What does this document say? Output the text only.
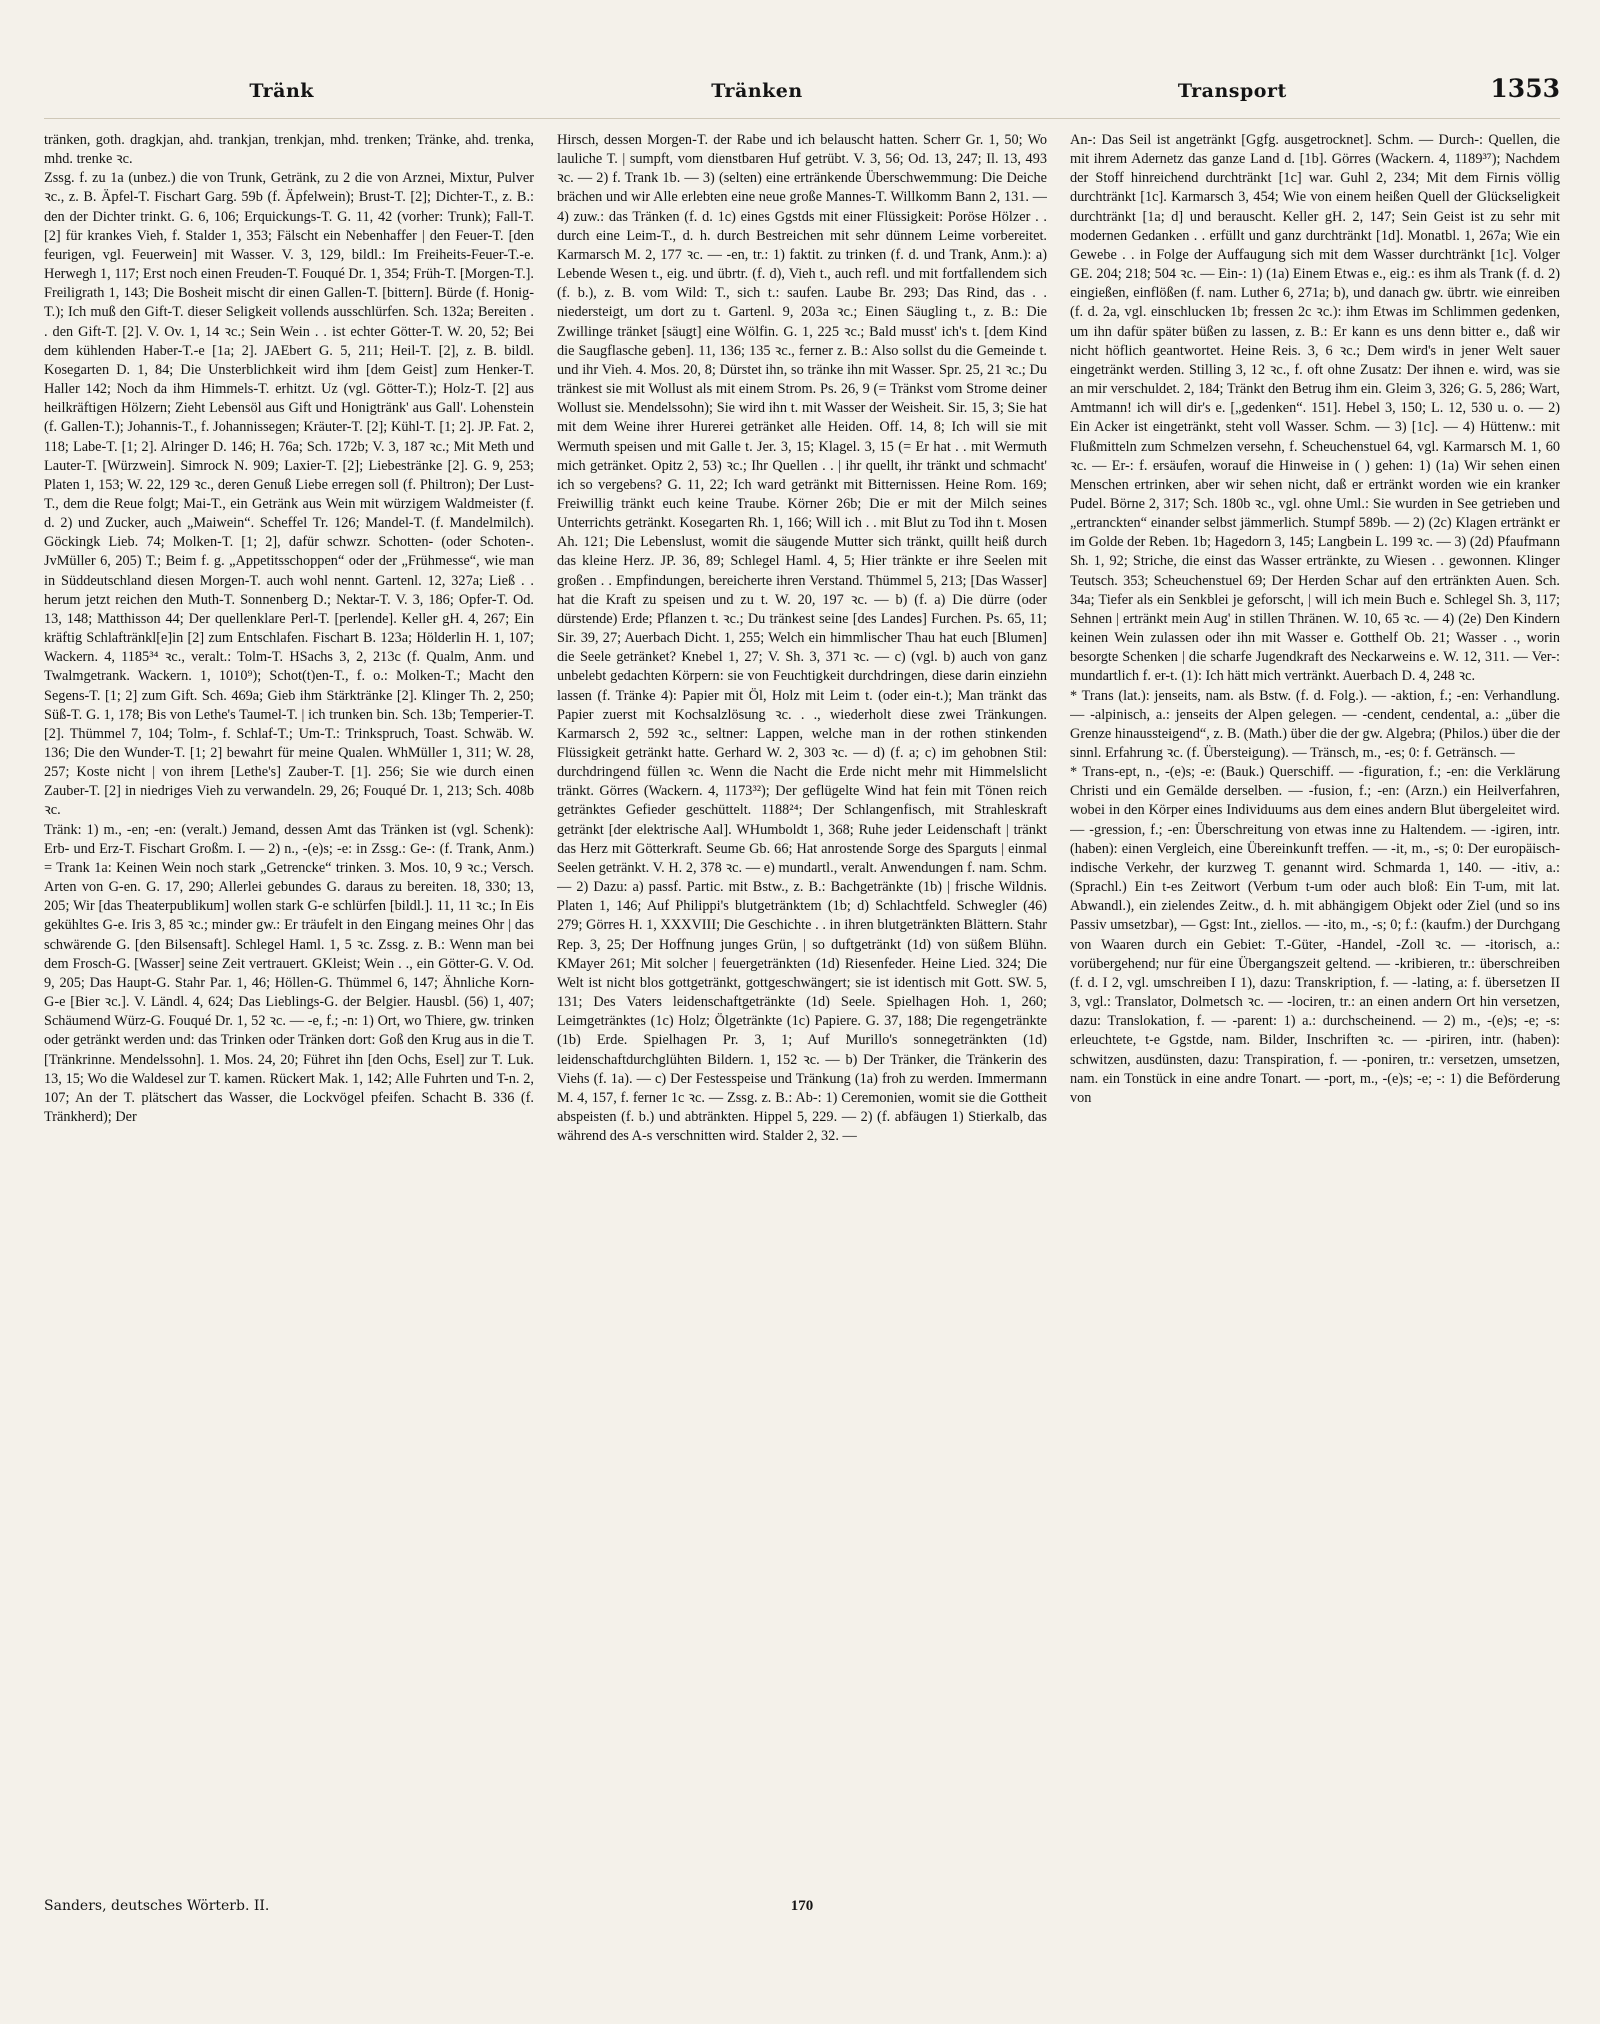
Tränk	Tränken	Transport	1353

tränken, goth. dragkjan, ahd. trankjan, trenkjan, mhd. trenken; Tränke, ahd. trenka, mhd. trenke ꝛc.

Zssg. f. zu 1a (unbez.) die von Trunk, Getränk, zu 2 die von Arznei, Mixtur, Pulver ꝛc., z. B. Äpfel-T. Fischart Garg. 59b (f. Äpfelwein); Brust-T. [2]; Dichter-T., z. B.: den der Dichter trinkt. G. 6, 106; Erquickungs-T. G. 11, 42 (vorher: Trunk); Fall-T. [2] für krankes Vieh, f. Stalder 1, 353; Fälscht ein Nebenhaffer | den Feuer-T. [den feurigen, vgl. Feuerwein] mit Wasser. V. 3, 129, bildl.: Im Freiheits-Feuer-T.-e. Herwegh 1, 117; Erst noch einen Freuden-T. Fouqué Dr. 1, 354; Früh-T. [Morgen-T.]. Freiligrath 1, 143; Die Bosheit mischt dir einen Gallen-T. [bittern]. Bürde (f. Honig-T.); Ich muß den Gift-T. dieser Seligkeit vollends ausschlürfen. Sch. 132a; Bereiten . . den Gift-T. [2]. V. Ov. 1, 14 ꝛc.; Sein Wein . . ist echter Götter-T. W. 20, 52; Bei dem kühlenden Haber-T.-e [1a; 2]. JAEbert G. 5, 211; Heil-T. [2], z. B. bildl. Kosegarten D. 1, 84; Die Unsterblichkeit wird ihm [dem Geist] zum Henker-T. Haller 142; Noch da ihm Himmels-T. erhitzt. Uz (vgl. Götter-T.); Holz-T. [2] aus heilkräftigen Hölzern; Zieht Lebensöl aus Gift und Honigtränk' aus Gall'. Lohenstein (f. Gallen-T.); Johannis-T., f. Johannissegen; Kräuter-T. [2]; Kühl-T. [1; 2]. JP. Fat. 2, 118; Labe-T. [1; 2]. Alringer D. 146; H. 76a; Sch. 172b; V. 3, 187 ꝛc.; Mit Meth und Lauter-T. [Würzwein]. Simrock N. 909; Laxier-T. [2]; Liebestränke [2]. G. 9, 253; Platen 1, 153; W. 22, 129 ꝛc., deren Genuß Liebe erregen soll (f. Philtron); Der Lust-T., dem die Reue folgt; Mai-T., ein Getränk aus Wein mit würzigem Waldmeister (f. d. 2) und Zucker, auch „Maiwein“. Scheffel Tr. 126; Mandel-T. (f. Mandelmilch). Göckingk Lieb. 74; Molken-T. [1; 2], dafür schwzr. Schotten- (oder Schoten-. JvMüller 6, 205) T.; Beim f. g. „Appetitsschoppen“ oder der „Frühmesse“, wie man in Süddeutschland diesen Morgen-T. auch wohl nennt. Gartenl. 12, 327a; Ließ . . herum jetzt reichen den Muth-T. Sonnenberg D.; Nektar-T. V. 3, 186; Opfer-T. Od. 13, 148; Matthisson 44; Der quellenklare Perl-T. [perlende]. Keller gH. 4, 267; Ein kräftig Schlaftränkl[e]in [2] zum Entschlafen. Fischart B. 123a; Hölderlin H. 1, 107; Wackern. 4, 1185³⁴ ꝛc., veralt.: Tolm-T. HSachs 3, 2, 213c (f. Qualm, Anm. und Twalmgetrank. Wackern. 1, 1010⁹); Schot(t)en-T., f. o.: Molken-T.; Macht den Segens-T. [1; 2] zum Gift. Sch. 469a; Gieb ihm Stärktränke [2]. Klinger Th. 2, 250; Süß-T. G. 1, 178; Bis von Lethe's Taumel-T. | ich trunken bin. Sch. 13b; Temperier-T. [2]. Thümmel 7, 104; Tolm-, f. Schlaf-T.; Um-T.: Trinkspruch, Toast. Schwäb. W. 136; Die den Wunder-T. [1; 2] bewahrt für meine Qualen. WhMüller 1, 311; W. 28, 257; Koste nicht | von ihrem [Lethe's] Zauber-T. [1]. 256; Sie wie durch einen Zauber-T. [2] in niedriges Vieh zu verwandeln. 29, 26; Fouqué Dr. 1, 213; Sch. 408b ꝛc.

Tränk: 1) m., -en; -en: (veralt.) Jemand, dessen Amt das Tränken ist (vgl. Schenk): Erb- und Erz-T. Fischart Großm. I. — 2) n., -(e)s; -e: in Zssg.: Ge-: (f. Trank, Anm.) = Trank 1a: Keinen Wein noch stark „Getrencke“ trinken. 3. Mos. 10, 9 ꝛc.; Versch. Arten von G-en. G. 17, 290; Allerlei gebundes G. daraus zu bereiten. 18, 330; 13, 205; Wir [das Theaterpublikum] wollen stark G-e schlürfen [bildl.]. 11, 11 ꝛc.; In Eis gekühltes G-e. Iris 3, 85 ꝛc.; minder gw.: Er träufelt in den Eingang meines Ohr | das schwärende G. [den Bilsensaft]. Schlegel Haml. 1, 5 ꝛc. Zssg. z. B.: Wenn man bei dem Frosch-G. [Wasser] seine Zeit vertrauert. GKleist; Wein . ., ein Götter-G. V. Od. 9, 205; Das Haupt-G. Stahr Par. 1, 46; Höllen-G. Thümmel 6, 147; Ähnliche Korn-G-e [Bier ꝛc.]. V. Ländl. 4, 624; Das Lieblings-G. der Belgier. Hausbl. (56) 1, 407; Schäumend Würz-G. Fouqué Dr. 1, 52 ꝛc. — -e, f.; -n: 1) Ort, wo Thiere, gw. trinken oder getränkt werden und: das Trinken oder Tränken dort: Goß den Krug aus in die T. [Tränkrinne. Mendelssohn]. 1. Mos. 24, 20; Führet ihn [den Ochs, Esel] zur T. Luk. 13, 15; Wo die Waldesel zur T. kamen. Rückert Mak. 1, 142; Alle Fuhrten und T-n. 2, 107; An der T. plätschert das Wasser, die Lockvögel pfeifen. Schacht B. 336 (f. Tränkherd); Der

Hirsch, dessen Morgen-T. der Rabe und ich belauscht hatten. Scherr Gr. 1, 50; Wo lauliche T. | sumpft, vom dienstbaren Huf getrübt. V. 3, 56; Od. 13, 247; Il. 13, 493 ꝛc. — 2) f. Trank 1b. — 3) (selten) eine ertränkende Überschwemmung: Die Deiche brächen und wir Alle erlebten eine neue große Mannes-T. Willkomm Bann 2, 131. — 4) zuw.: das Tränken (f. d. 1c) eines Ggstds mit einer Flüssigkeit: Poröse Hölzer . . durch eine Leim-T., d. h. durch Bestreichen mit sehr dünnem Leime vorbereitet. Karmarsch M. 2, 177 ꝛc. — -en, tr.: 1) faktit. zu trinken (f. d. und Trank, Anm.): a) Lebende Wesen t., eig. und übrtr. (f. d), Vieh t., auch refl. und mit fortfallendem sich (f. b.), z. B. vom Wild: T., sich t.: saufen. Laube Br. 293; Das Rind, das . . niedersteigt, um dort zu t. Gartenl. 9, 203a ꝛc.; Einen Säugling t., z. B.: Die Zwillinge tränket [säugt] eine Wölfin. G. 1, 225 ꝛc.; Bald musst' ich's t. [dem Kind die Saugflasche geben]. 11, 136; 135 ꝛc., ferner z. B.: Also sollst du die Gemeinde t. und ihr Vieh. 4. Mos. 20, 8; Dürstet ihn, so tränke ihn mit Wasser. Spr. 25, 21 ꝛc.; Du tränkest sie mit Wollust als mit einem Strom. Ps. 26, 9 (= Tränkst vom Strome deiner Wollust sie. Mendelssohn); Sie wird ihn t. mit Wasser der Weisheit. Sir. 15, 3; Sie hat mit dem Weine ihrer Hurerei getränket alle Heiden. Off. 14, 8; Ich will sie mit Wermuth speisen und mit Galle t. Jer. 3, 15; Klagel. 3, 15 (= Er hat . . mit Wermuth mich getränket. Opitz 2, 53) ꝛc.; Ihr Quellen . . | ihr quellt, ihr tränkt und schmacht' ich so vergebens? G. 11, 22; Ich ward getränkt mit Bitternissen. Heine Rom. 169; Freiwillig tränkt euch keine Traube. Körner 26b; Die er mit der Milch seines Unterrichts getränkt. Kosegarten Rh. 1, 166; Will ich . . mit Blut zu Tod ihn t. Mosen Ah. 121; Die Lebenslust, womit die säugende Mutter sich tränkt, quillt heiß durch das kleine Herz. JP. 36, 89; Schlegel Haml. 4, 5; Hier tränkte er ihre Seelen mit großen . . Empfindungen, bereicherte ihren Verstand. Thümmel 5, 213; [Das Wasser] hat die Kraft zu speisen und zu t. W. 20, 197 ꝛc. — b) (f. a) Die dürre (oder dürstende) Erde; Pflanzen t. ꝛc.; Du tränkest seine [des Landes] Furchen. Ps. 65, 11; Sir. 39, 27; Auerbach Dicht. 1, 255; Welch ein himmlischer Thau hat euch [Blumen] die Seele getränket? Knebel 1, 27; V. Sh. 3, 371 ꝛc. — c) (vgl. b) auch von ganz unbelebt gedachten Körpern: sie von Feuchtigkeit durchdringen, diese darin einziehn lassen (f. Tränke 4): Papier mit Öl, Holz mit Leim t. (oder ein-t.); Man tränkt das Papier zuerst mit Kochsalzlösung ꝛc. . ., wiederholt diese zwei Tränkungen. Karmarsch 2, 592 ꝛc., seltner: Lappen, welche man in der rothen stinkenden Flüssigkeit getränkt hatte. Gerhard W. 2, 303 ꝛc. — d) (f. a; c) im gehobnen Stil: durchdringend füllen ꝛc. Wenn die Nacht die Erde nicht mehr mit Himmelslicht tränkt. Görres (Wackern. 4, 1173³²); Der geflügelte Wind hat fein mit Tönen reich getränktes Gefieder geschüttelt. 1188²⁴; Der Schlangenfisch, mit Strahleskraft getränkt [der elektrische Aal]. WHumboldt 1, 368; Ruhe jeder Leidenschaft | tränkt das Herz mit Götterkraft. Seume Gb. 66; Hat anrostende Sorge des Sparguts | einmal Seelen getränkt. V. H. 2, 378 ꝛc. — e) mundartl., veralt. Anwendungen f. nam. Schm. — 2) Dazu: a) passf. Partic. mit Bstw., z. B.: Bachgetränkte (1b) | frische Wildnis. Platen 1, 146; Auf Philippi's blutgetränktem (1b; d) Schlachtfeld. Schwegler (46) 279; Görres H. 1, XXXVIII; Die Geschichte . . in ihren blutgetränkten Blättern. Stahr Rep. 3, 25; Der Hoffnung junges Grün, | so duftgetränkt (1d) von süßem Blühn. KMayer 261; Mit solcher | feuergetränkten (1d) Riesenfeder. Heine Lied. 324; Die Welt ist nicht blos gottgetränkt, gottgeschwängert; sie ist identisch mit Gott. SW. 5, 131; Des Vaters leidenschaftgetränkte (1d) Seele. Spielhagen Hoh. 1, 260; Leimgetränktes (1c) Holz; Ölgetränkte (1c) Papiere. G. 37, 188; Die regengetränkte (1b) Erde. Spielhagen Pr. 3, 1; Auf Murillo's sonnegetränkten (1d) leidenschaftdurchglühten Bildern. 1, 152 ꝛc. — b) Der Tränker, die Tränkerin des Viehs (f. 1a). — c) Der Festesspeise und Tränkung (1a) froh zu werden. Immermann M. 4, 157, f. ferner 1c ꝛc. — Zssg. z. B.: Ab-: 1) Ceremonien, womit sie die Gottheit abspeisten (f. b.) und abtränkten. Hippel 5, 229. — 2) (f. abfäugen 1) Stierkalb, das während des A-s verschnitten wird. Stalder 2, 32. —

An-: Das Seil ist angetränkt [Ggfg. ausgetrocknet]. Schm. — Durch-: Quellen, die mit ihrem Adernetz das ganze Land d. [1b]. Görres (Wackern. 4, 1189³⁷); Nachdem der Stoff hinreichend durchtränkt [1c] war. Guhl 2, 234; Mit dem Firnis völlig durchtränkt [1c]. Karmarsch 3, 454; Wie von einem heißen Quell der Glückseligkeit durchtränkt [1a; d] und berauscht. Keller gH. 2, 147; Sein Geist ist zu sehr mit modernen Gedanken . . erfüllt und ganz durchtränkt [1d]. Monatbl. 1, 267a; Wie ein Gewebe . . in Folge der Auffaugung sich mit dem Wasser durchtränkt [1c]. Volger GE. 204; 218; 504 ꝛc. — Ein-: 1) (1a) Einem Etwas e., eig.: es ihm als Trank (f. d. 2) eingießen, einflößen (f. nam. Luther 6, 271a; b), und danach gw. übrtr. wie einreiben (f. d. 2a, vgl. einschlucken 1b; fressen 2c ꝛc.): ihm Etwas im Schlimmen gedenken, um ihn dafür später büßen zu lassen, z. B.: Er kann es uns denn bitter e., daß wir nicht höflich geantwortet. Heine Reis. 3, 6 ꝛc.; Dem wird's in jener Welt sauer eingetränkt werden. Stilling 3, 12 ꝛc., f. oft ohne Zusatz: Der ihnen e. wird, was sie an mir verschuldet. 2, 184; Tränkt den Betrug ihm ein. Gleim 3, 326; G. 5, 286; Wart, Amtmann! ich will dir's e. [„gedenken“. 151]. Hebel 3, 150; L. 12, 530 u. o. — 2) Ein Acker ist eingetränkt, steht voll Wasser. Schm. — 3) [1c]. — 4) Hüttenw.: mit Flußmitteln zum Schmelzen versehn, f. Scheuchenstuel 64, vgl. Karmarsch M. 1, 60 ꝛc. — Er-: f. ersäufen, worauf die Hinweise in ( ) gehen: 1) (1a) Wir sehen einen Menschen ertrinken, aber wir sehen nicht, daß er ertränkt worden wie ein kranker Pudel. Börne 2, 317; Sch. 180b ꝛc., vgl. ohne Uml.: Sie wurden in See getrieben und „ertranckten“ einander selbst jämmerlich. Stumpf 589b. — 2) (2c) Klagen ertränkt er im Golde der Reben. 1b; Hagedorn 3, 145; Langbein L. 199 ꝛc. — 3) (2d) Pfaufmann Sh. 1, 92; Striche, die einst das Wasser ertränkte, zu Wiesen . . gewonnen. Klinger Teutsch. 353; Scheuchenstuel 69; Der Herden Schar auf den ertränkten Auen. Sch. 34a; Tiefer als ein Senkblei je geforscht, | will ich mein Buch e. Schlegel Sh. 3, 117; Sehnen | ertränkt mein Aug' in stillen Thränen. W. 10, 65 ꝛc. — 4) (2e) Den Kindern keinen Wein zulassen oder ihn mit Wasser e. Gotthelf Ob. 21; Wasser . ., worin besorgte Schenken | die scharfe Jugendkraft des Neckarweins e. W. 12, 311. — Ver-: mundartlich f. er-t. (1): Ich hätt mich vertränkt. Auerbach D. 4, 248 ꝛc.

* Trans (lat.): jenseits, nam. als Bstw. (f. d. Folg.). — -aktion, f.; -en: Verhandlung. — -alpinisch, a.: jenseits der Alpen gelegen. — -cendent, cendental, a.: „über die Grenze hinaussteigend“, z. B. (Math.) über die der gw. Algebra; (Philos.) über die der sinnl. Erfahrung ꝛc. (f. Übersteigung). — Tränsch, m., -es; 0: f. Getränsch. —

* Trans-ept, n., -(e)s; -e: (Bauk.) Querschiff. — -figuration, f.; -en: die Verklärung Christi und ein Gemälde derselben. — -fusion, f.; -en: (Arzn.) ein Heilverfahren, wobei in den Körper eines Individuums aus dem eines andern Blut übergeleitet wird. — -gression, f.; -en: Überschreitung von etwas inne zu Haltendem. — -igiren, intr. (haben): einen Vergleich, eine Übereinkunft treffen. — -it, m., -s; 0: Der europäisch-indische Verkehr, der kurzweg T. genannt wird. Schmarda 1, 140. — -itiv, a.: (Sprachl.) Ein t-es Zeitwort (Verbum t-um oder auch bloß: Ein T-um, mit lat. Abwandl.), ein zielendes Zeitw., d. h. mit abhängigem Objekt oder Ziel (und so ins Passiv umsetzbar), — Ggst: Int., ziellos. — -ito, m., -s; 0; f.: (kaufm.) der Durchgang von Waaren durch ein Gebiet: T.-Güter, -Handel, -Zoll ꝛc. — -itorisch, a.: vorübergehend; nur für eine Übergangszeit geltend. — -kribieren, tr.: überschreiben (f. d. I 2, vgl. umschreiben I 1), dazu: Transkription, f. — -lating, a: f. übersetzen II 3, vgl.: Translator, Dolmetsch ꝛc. — -lociren, tr.: an einen andern Ort hin versetzen, dazu: Translokation, f. — -parent: 1) a.: durchscheinend. — 2) m., -(e)s; -e; -s: erleuchtete, t-e Ggstde, nam. Bilder, Inschriften ꝛc. — -piriren, intr. (haben): schwitzen, ausdünsten, dazu: Transpiration, f. — -poniren, tr.: versetzen, umsetzen, nam. ein Tonstück in eine andre Tonart. — -port, m., -(e)s; -e; -: 1) die Beförderung von

Sanders, deutsches Wörterb. II.	170
